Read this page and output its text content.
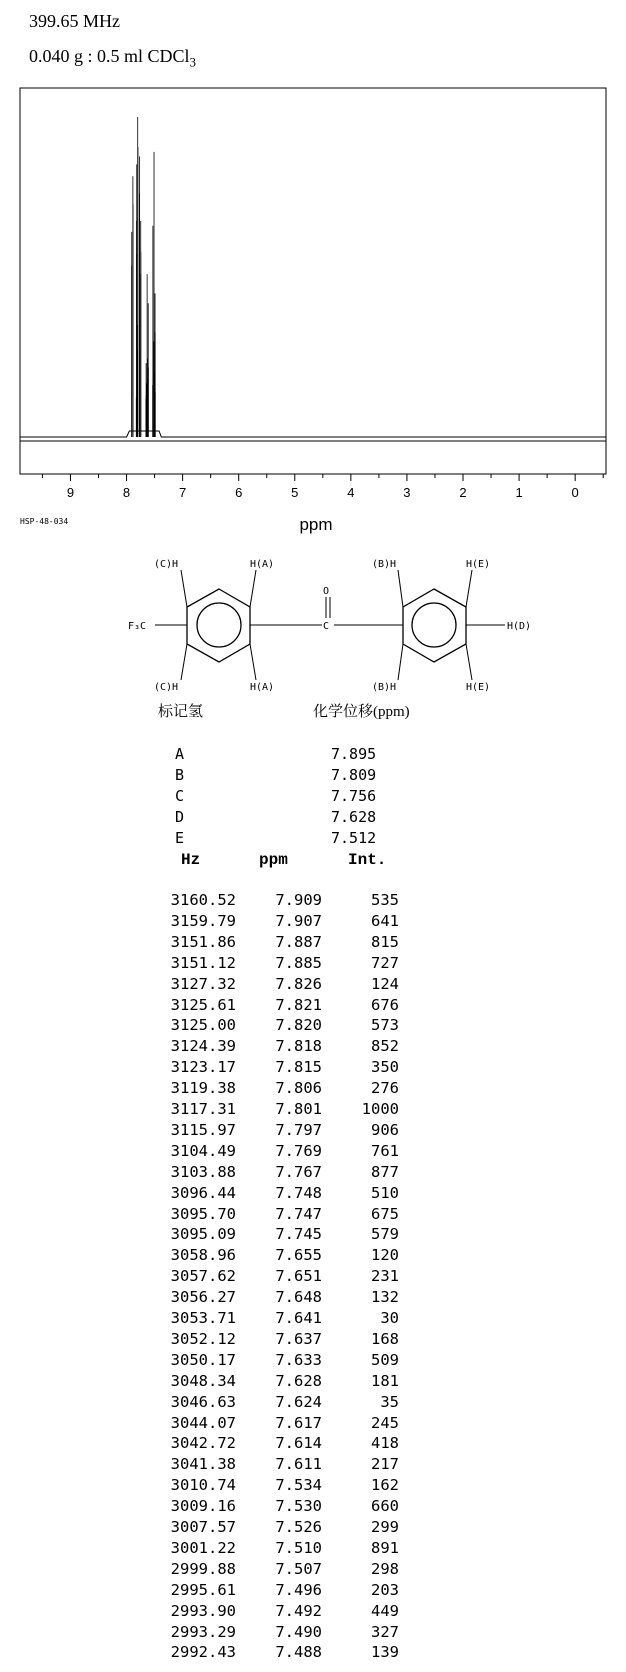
399.65 MHz
0.040 g : 0.5 ml CDCl$_3$
9	8	7	6	5	4	3	2	1	0
ppm
HSP-48-034
(C)H	H(A)	(B)H	H(E)
(C)H	H(A)	(B)H	H(E)
H(D)
F₃C
O
C
标记氢	化学位移(ppm)
A	7.895
B	7.809
C	7.756
D	7.628
E	7.512
Hz	ppm	Int.
3160.52	7.909	535
3159.79	7.907	641
3151.86	7.887	815
3151.12	7.885	727
3127.32	7.826	124
3125.61	7.821	676
3125.00	7.820	573
3124.39	7.818	852
3123.17	7.815	350
3119.38	7.806	276
3117.31	7.801	1000
3115.97	7.797	906
3104.49	7.769	761
3103.88	7.767	877
3096.44	7.748	510
3095.70	7.747	675
3095.09	7.745	579
3058.96	7.655	120
3057.62	7.651	231
3056.27	7.648	132
3053.71	7.641	30
3052.12	7.637	168
3050.17	7.633	509
3048.34	7.628	181
3046.63	7.624	35
3044.07	7.617	245
3042.72	7.614	418
3041.38	7.611	217
3010.74	7.534	162
3009.16	7.530	660
3007.57	7.526	299
3001.22	7.510	891
2999.88	7.507	298
2995.61	7.496	203
2993.90	7.492	449
2993.29	7.490	327
2992.43	7.488	139
